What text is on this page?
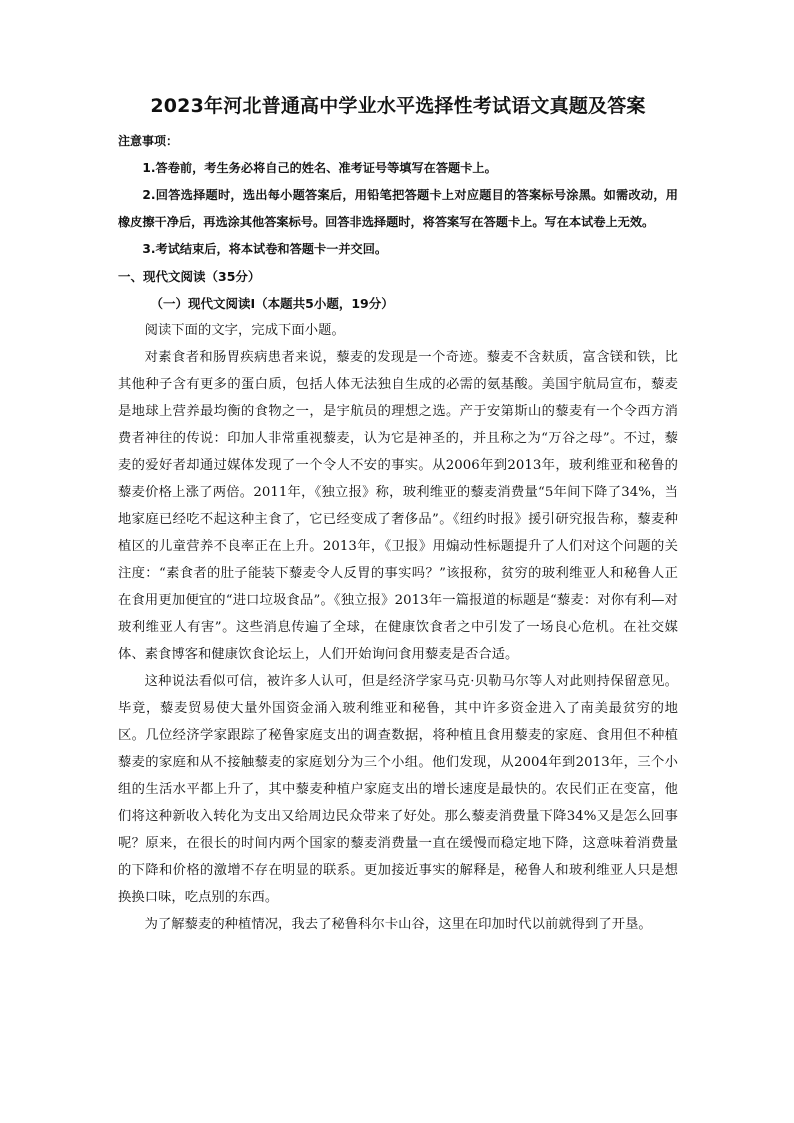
2023年河北普通高中学业水平选择性考试语文真题及答案

注意事项：

1.答卷前，考生务必将自己的姓名、准考证号等填写在答题卡上。

2.回答选择题时，选出每小题答案后，用铅笔把答题卡上对应题目的答案标号涂黑。如需改动，用橡皮擦干净后，再选涂其他答案标号。回答非选择题时，将答案写在答题卡上。写在本试卷上无效。

3.考试结束后，将本试卷和答题卡一并交回。

一、现代文阅读（35分）

（一）现代文阅读Ⅰ（本题共5小题，19分）

阅读下面的文字，完成下面小题。

对素食者和肠胃疾病患者来说，藜麦的发现是一个奇迹。藜麦不含麸质，富含镁和铁，比其他种子含有更多的蛋白质，包括人体无法独自生成的必需的氨基酸。美国宇航局宣布，藜麦是地球上营养最均衡的食物之一，是宇航员的理想之选。产于安第斯山的藜麦有一个令西方消费者神往的传说：印加人非常重视藜麦，认为它是神圣的，并且称之为“万谷之母”。不过，藜麦的爱好者却通过媒体发现了一个令人不安的事实。从2006年到2013年，玻利维亚和秘鲁的藜麦价格上涨了两倍。2011年，《独立报》称，玻利维亚的藜麦消费量“5年间下降了34%，当地家庭已经吃不起这种主食了，它已经变成了奢侈品”。《纽约时报》援引研究报告称，藜麦种植区的儿童营养不良率正在上升。2013年，《卫报》用煽动性标题提升了人们对这个问题的关注度：“素食者的肚子能装下藜麦令人反胃的事实吗？”该报称，贫穷的玻利维亚人和秘鲁人正在食用更加便宜的“进口垃圾食品”。《独立报》2013年一篇报道的标题是“藜麦：对你有利—对玻利维亚人有害”。这些消息传遍了全球，在健康饮食者之中引发了一场良心危机。在社交媒体、素食博客和健康饮食论坛上，人们开始询问食用藜麦是否合适。

这种说法看似可信，被许多人认可，但是经济学家马克·贝勒马尔等人对此则持保留意见。毕竟，藜麦贸易使大量外国资金涌入玻利维亚和秘鲁，其中许多资金进入了南美最贫穷的地区。几位经济学家跟踪了秘鲁家庭支出的调查数据，将种植且食用藜麦的家庭、食用但不种植藜麦的家庭和从不接触藜麦的家庭划分为三个小组。他们发现，从2004年到2013年，三个小组的生活水平都上升了，其中藜麦种植户家庭支出的增长速度是最快的。农民们正在变富，他们将这种新收入转化为支出又给周边民众带来了好处。那么藜麦消费量下降34%又是怎么回事呢？原来，在很长的时间内两个国家的藜麦消费量一直在缓慢而稳定地下降，这意味着消费量的下降和价格的激增不存在明显的联系。更加接近事实的解释是，秘鲁人和玻利维亚人只是想换换口味，吃点别的东西。

为了解藜麦的种植情况，我去了秘鲁科尔卡山谷，这里在印加时代以前就得到了开垦。
